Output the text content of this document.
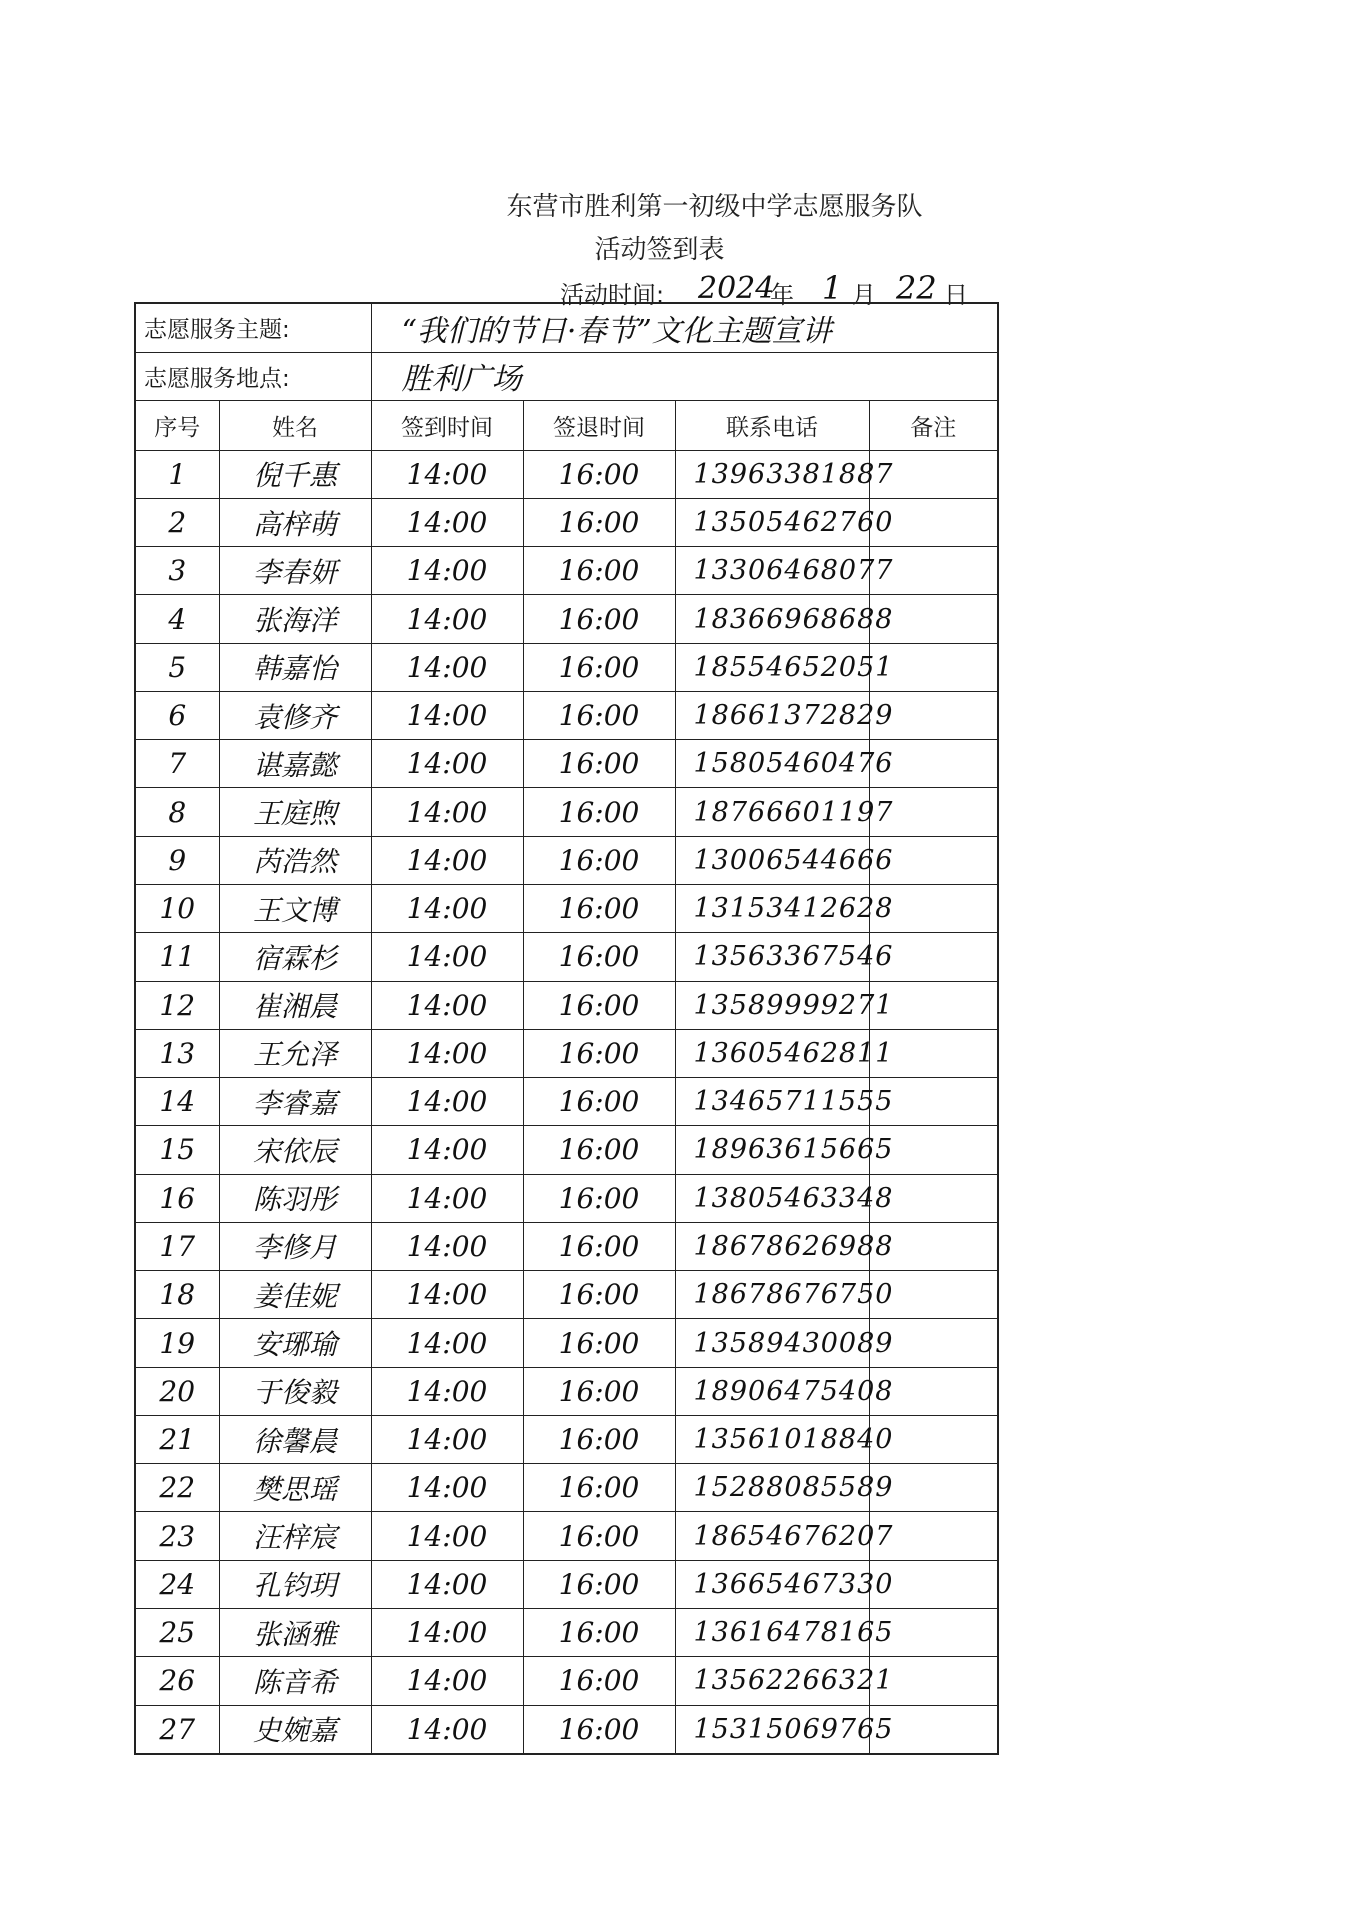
东营市胜利第一初级中学志愿服务队
活动签到表
活动时间: 2024
年 1 月 22 日
志愿服务主题:		“我们的节日·春节”文化主题宣讲			
志愿服务地点:		胜利广场			
序号	姓名	签到时间	签退时间	联系电话	备注
1	倪千惠	14:00	16:00	13963381887	
2	高梓萌	14:00	16:00	13505462760	
3	李春妍	14:00	16:00	13306468077	
4	张海洋	14:00	16:00	18366968688	
5	韩嘉怡	14:00	16:00	18554652051	
6	袁修齐	14:00	16:00	18661372829	
7	谌嘉懿	14:00	16:00	15805460476	
8	王庭煦	14:00	16:00	18766601197	
9	芮浩然	14:00	16:00	13006544666	
10	王文博	14:00	16:00	13153412628	
11	宿霖杉	14:00	16:00	13563367546	
12	崔湘晨	14:00	16:00	13589999271	
13	王允泽	14:00	16:00	13605462811	
14	李睿嘉	14:00	16:00	13465711555	
15	宋依辰	14:00	16:00	18963615665	
16	陈羽彤	14:00	16:00	13805463348	
17	李修月	14:00	16:00	18678626988	
18	姜佳妮	14:00	16:00	18678676750	
19	安琊瑜	14:00	16:00	13589430089	
20	于俊毅	14:00	16:00	18906475408	
21	徐馨晨	14:00	16:00	13561018840	
22	樊思瑶	14:00	16:00	15288085589	
23	汪梓宸	14:00	16:00	18654676207	
24	孔钧玥	14:00	16:00	13665467330	
25	张涵雅	14:00	16:00	13616478165	
26	陈音希	14:00	16:00	13562266321	
27	史婉嘉	14:00	16:00	15315069765	
